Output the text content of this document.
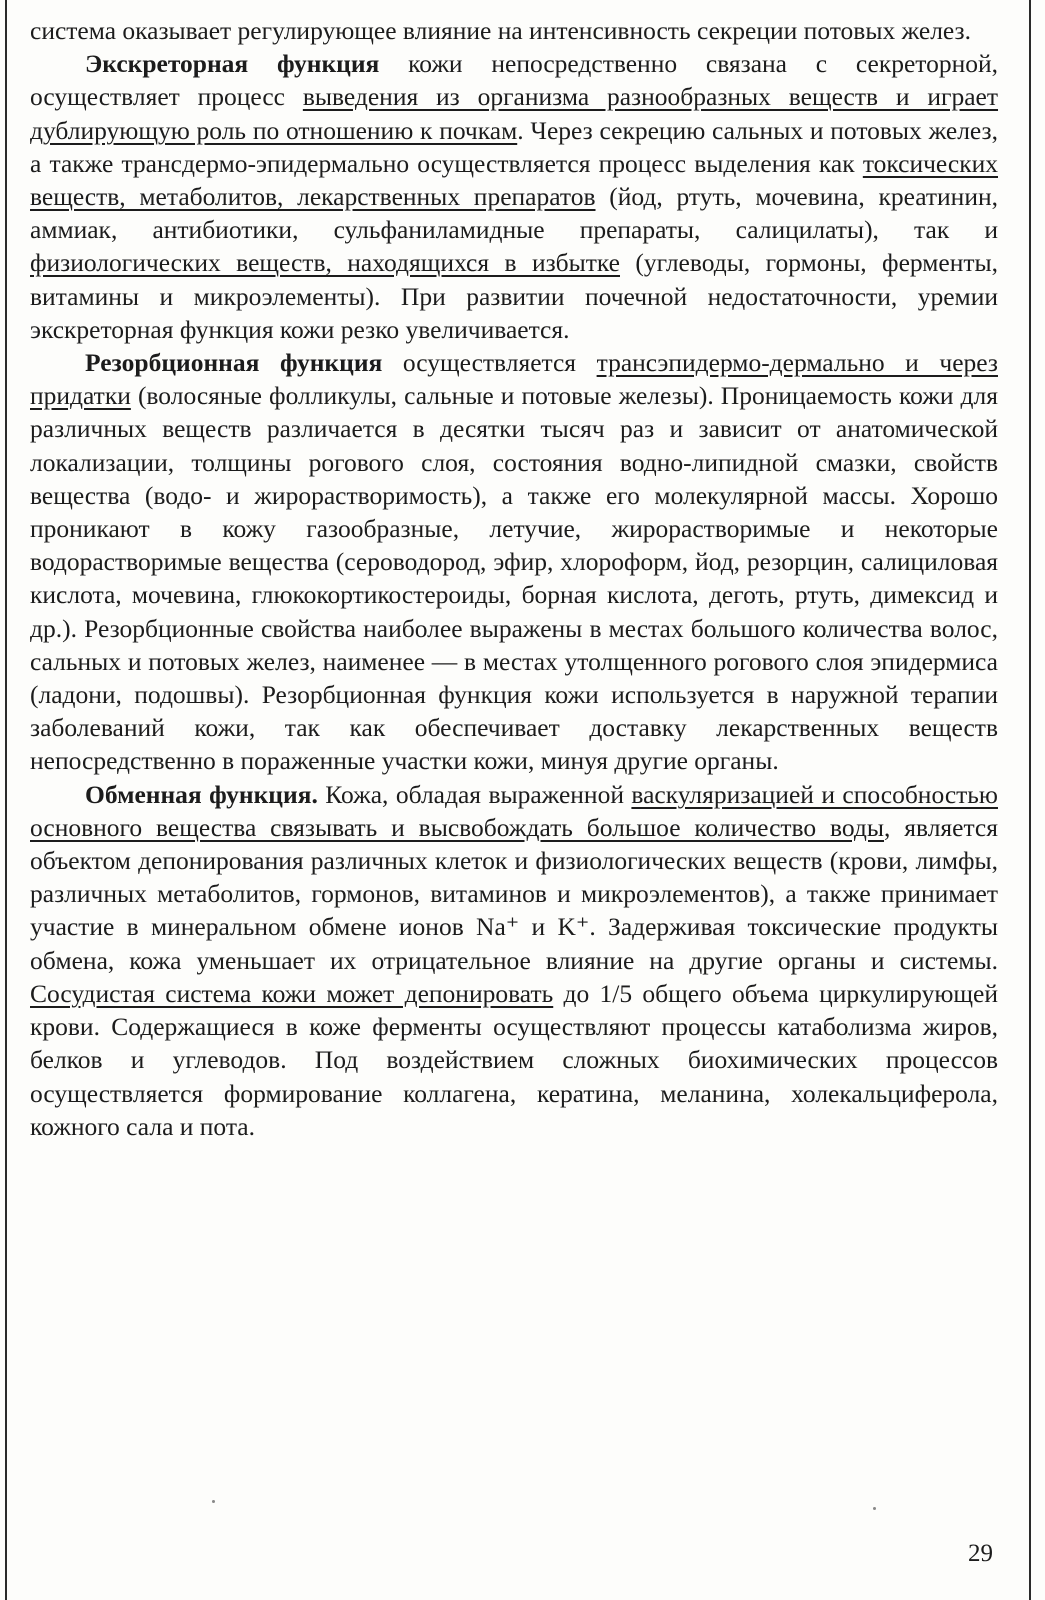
система оказывает регулирующее влияние на интенсивность секреции потовых желез.

Экскреторная функция кожи непосредственно связана с секреторной, осуществляет процесс выведения из организма разнообразных веществ и играет дублирующую роль по отношению к почкам. Через секрецию сальных и потовых желез, а также трансдермо-эпидермально осуществляется процесс выделения как токсических веществ, метаболитов, лекарственных препаратов (йод, ртуть, мочевина, креатинин, аммиак, антибиотики, сульфаниламидные препараты, салицилаты), так и физиологических веществ, находящихся в избытке (углеводы, гормоны, ферменты, витамины и микроэлементы). При развитии почечной недостаточности, уремии экскреторная функция кожи резко увеличивается.

Резорбционная функция осуществляется трансэпидермо-дермально и через придатки (волосяные фолликулы, сальные и потовые железы). Проницаемость кожи для различных веществ различается в десятки тысяч раз и зависит от анатомической локализации, толщины рогового слоя, состояния водно-липидной смазки, свойств вещества (водо- и жирорастворимость), а также его молекулярной массы. Хорошо проникают в кожу газообразные, летучие, жирорастворимые и некоторые водорастворимые вещества (сероводород, эфир, хлороформ, йод, резорцин, салициловая кислота, мочевина, глюкокортикостероиды, борная кислота, деготь, ртуть, димексид и др.). Резорбционные свойства наиболее выражены в местах большого количества волос, сальных и потовых желез, наименее — в местах утолщенного рогового слоя эпидермиса (ладони, подошвы). Резорбционная функция кожи используется в наружной терапии заболеваний кожи, так как обеспечивает доставку лекарственных веществ непосредственно в пораженные участки кожи, минуя другие органы.

Обменная функция. Кожа, обладая выраженной васкуляризацией и способностью основного вещества связывать и высвобождать большое количество воды, является объектом депонирования различных клеток и физиологических веществ (крови, лимфы, различных метаболитов, гормонов, витаминов и микроэлементов), а также принимает участие в минеральном обмене ионов Na⁺ и K⁺. Задерживая токсические продукты обмена, кожа уменьшает их отрицательное влияние на другие органы и системы. Сосудистая система кожи может депонировать до 1/5 общего объема циркулирующей крови. Содержащиеся в коже ферменты осуществляют процессы катаболизма жиров, белков и углеводов. Под воздействием сложных биохимических процессов осуществляется формирование коллагена, кератина, меланина, холекальциферола, кожного сала и пота.

29
